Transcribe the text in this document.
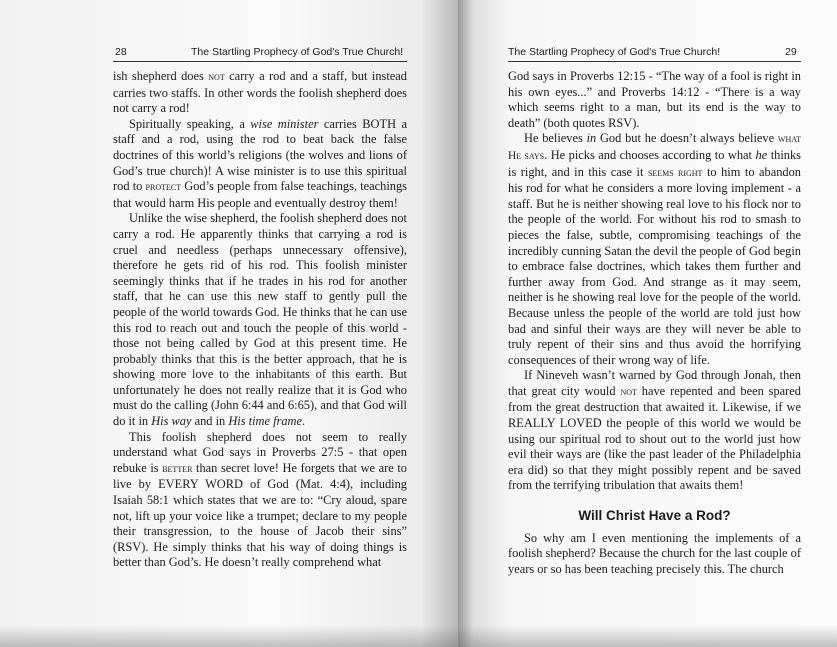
28	The Startling Prophecy of God's True Church!

ish shepherd does not carry a rod and a staff, but instead carries two staffs. In other words the foolish shepherd does not carry a rod!

Spiritually speaking, a wise minister carries BOTH a staff and a rod, using the rod to beat back the false doctrines of this world’s religions (the wolves and lions of God’s true church)! A wise minister is to use this spiritual rod to protect God’s people from false teachings, teachings that would harm His people and eventually destroy them!

Unlike the wise shepherd, the foolish shepherd does not carry a rod. He apparently thinks that carrying a rod is cruel and needless (perhaps unnecessary offensive), therefore he gets rid of his rod. This foolish minister seemingly thinks that if he trades in his rod for another staff, that he can use this new staff to gently pull the people of the world towards God. He thinks that he can use this rod to reach out and touch the people of this world - those not being called by God at this present time. He probably thinks that this is the better approach, that he is showing more love to the inhabitants of this earth. But unfortunately he does not really realize that it is God who must do the calling (John 6:44 and 6:65), and that God will do it in His way and in His time frame.

This foolish shepherd does not seem to really understand what God says in Proverbs 27:5 - that open rebuke is better than secret love! He forgets that we are to live by EVERY WORD of God (Mat. 4:4), including Isaiah 58:1 which states that we are to: “Cry aloud, spare not, lift up your voice like a trumpet; declare to my people their transgression, to the house of Jacob their sins” (RSV). He simply thinks that his way of doing things is better than God’s. He doesn’t really comprehend what

The Startling Prophecy of God's True Church!	29

God says in Proverbs 12:15 - “The way of a fool is right in his own eyes...” and Proverbs 14:12 - “There is a way which seems right to a man, but its end is the way to death” (both quotes RSV).

He believes in God but he doesn’t always believe what He says. He picks and chooses according to what he thinks is right, and in this case it seems right to him to abandon his rod for what he considers a more loving implement - a staff. But he is neither showing real love to his flock nor to the people of the world. For without his rod to smash to pieces the false, subtle, compromising teachings of the incredibly cunning Satan the devil the people of God begin to embrace false doctrines, which takes them further and further away from God. And strange as it may seem, neither is he showing real love for the people of the world. Because unless the people of the world are told just how bad and sinful their ways are they will never be able to truly repent of their sins and thus avoid the horrifying consequences of their wrong way of life.

If Nineveh wasn’t warned by God through Jonah, then that great city would not have repented and been spared from the great destruction that awaited it. Likewise, if we REALLY LOVED the people of this world we would be using our spiritual rod to shout out to the world just how evil their ways are (like the past leader of the Philadelphia era did) so that they might possibly repent and be saved from the terrifying tribulation that awaits them!

Will Christ Have a Rod?

So why am I even mentioning the implements of a foolish shepherd? Because the church for the last couple of years or so has been teaching precisely this. The church
